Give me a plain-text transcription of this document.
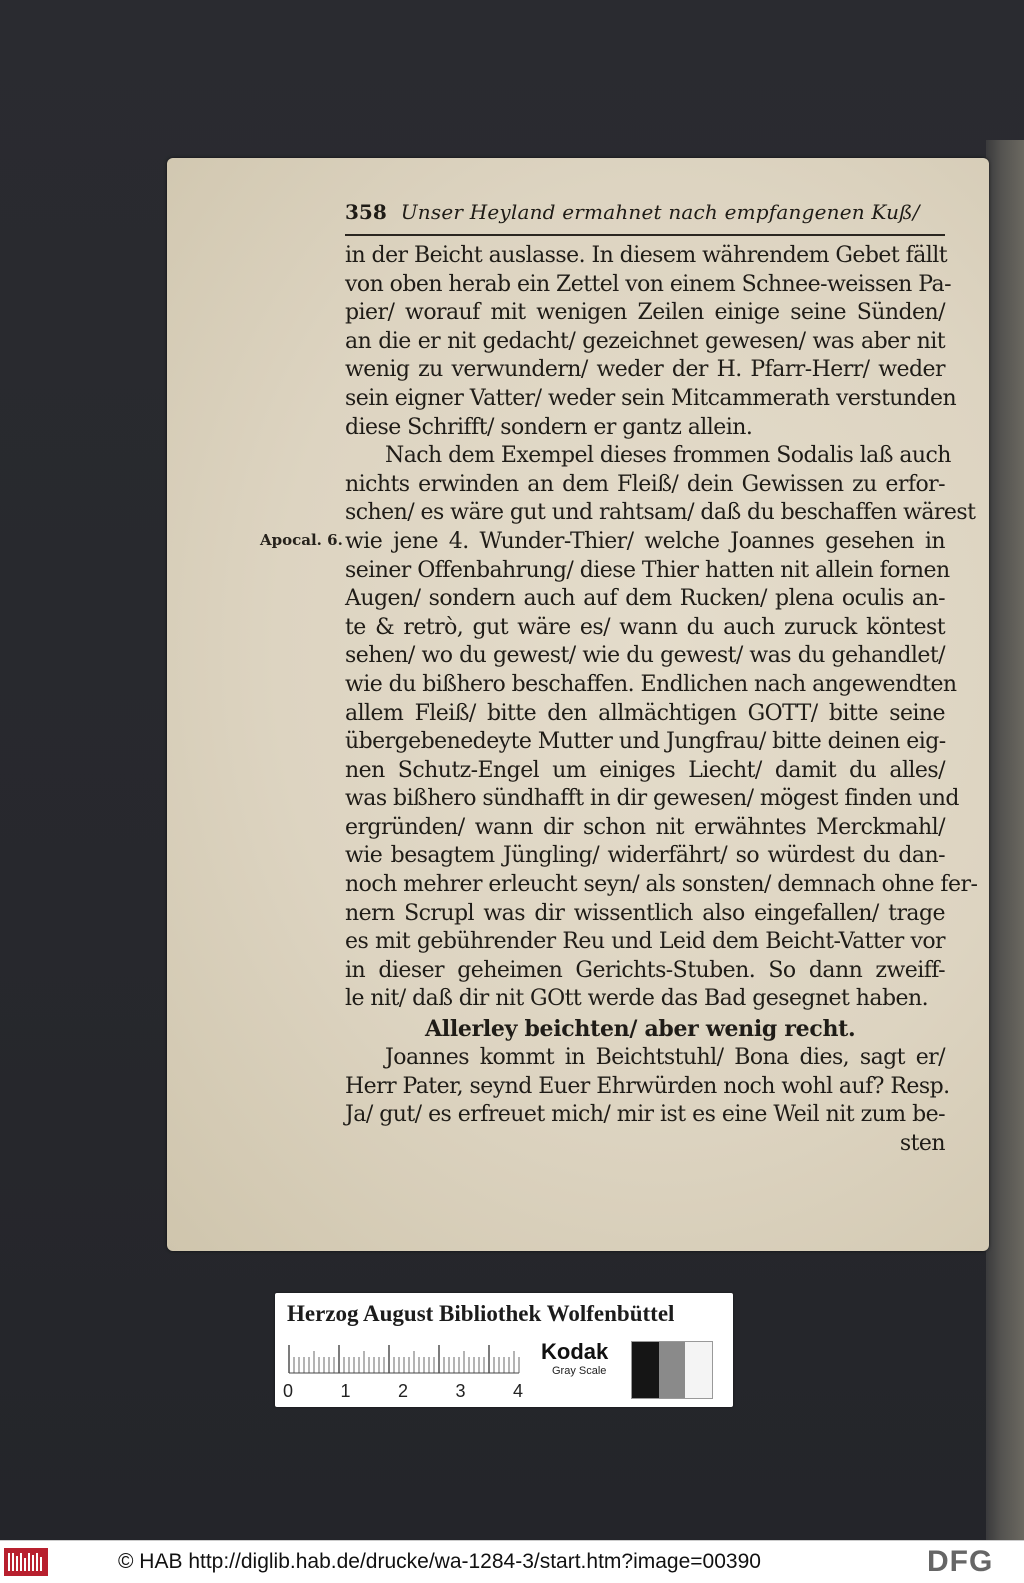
Apocal. 6.
358 Unser Heyland ermahnet nach empfangenen Kuß/
in der Beicht auslasse. In diesem währendem Gebet fällt
von oben herab ein Zettel von einem Schnee-weissen Pa-
pier/ worauf mit wenigen Zeilen einige seine Sünden/
an die er nit gedacht/ gezeichnet gewesen/ was aber nit
wenig zu verwundern/ weder der H. Pfarr-Herr/ weder
sein eigner Vatter/ weder sein Mitcammerath verstunden
diese Schrifft/ sondern er gantz allein.
Nach dem Exempel dieses frommen Sodalis laß auch
nichts erwinden an dem Fleiß/ dein Gewissen zu erfor-
schen/ es wäre gut und rahtsam/ daß du beschaffen wärest
wie jene 4. Wunder-Thier/ welche Joannes gesehen in
seiner Offenbahrung/ diese Thier hatten nit allein fornen
Augen/ sondern auch auf dem Rucken/ plena oculis an-
te & retrò, gut wäre es/ wann du auch zuruck köntest
sehen/ wo du gewest/ wie du gewest/ was du gehandlet/
wie du bißhero beschaffen. Endlichen nach angewendten
allem Fleiß/ bitte den allmächtigen GOTT/ bitte seine
übergebenedeyte Mutter und Jungfrau/ bitte deinen eig-
nen Schutz-Engel um einiges Liecht/ damit du alles/
was bißhero sündhafft in dir gewesen/ mögest finden und
ergründen/ wann dir schon nit erwähntes Merckmahl/
wie besagtem Jüngling/ widerfährt/ so würdest du dan-
noch mehrer erleucht seyn/ als sonsten/ demnach ohne fer-
nern Scrupl was dir wissentlich also eingefallen/ trage
es mit gebührender Reu und Leid dem Beicht-Vatter vor
in dieser geheimen Gerichts-Stuben. So dann zweiff-
le nit/ daß dir nit GOtt werde das Bad gesegnet haben.
Allerley beichten/ aber wenig recht.
Joannes kommt in Beichtstuhl/ Bona dies, sagt er/
Herr Pater, seynd Euer Ehrwürden noch wohl auf? Resp.
Ja/ gut/ es erfreuet mich/ mir ist es eine Weil nit zum be-
sten
Herzog August Bibliothek Wolfenbüttel
0	1	2	3	4
Kodak
Gray Scale
© HAB http://diglib.hab.de/drucke/wa-1284-3/start.htm?image=00390	DFG
